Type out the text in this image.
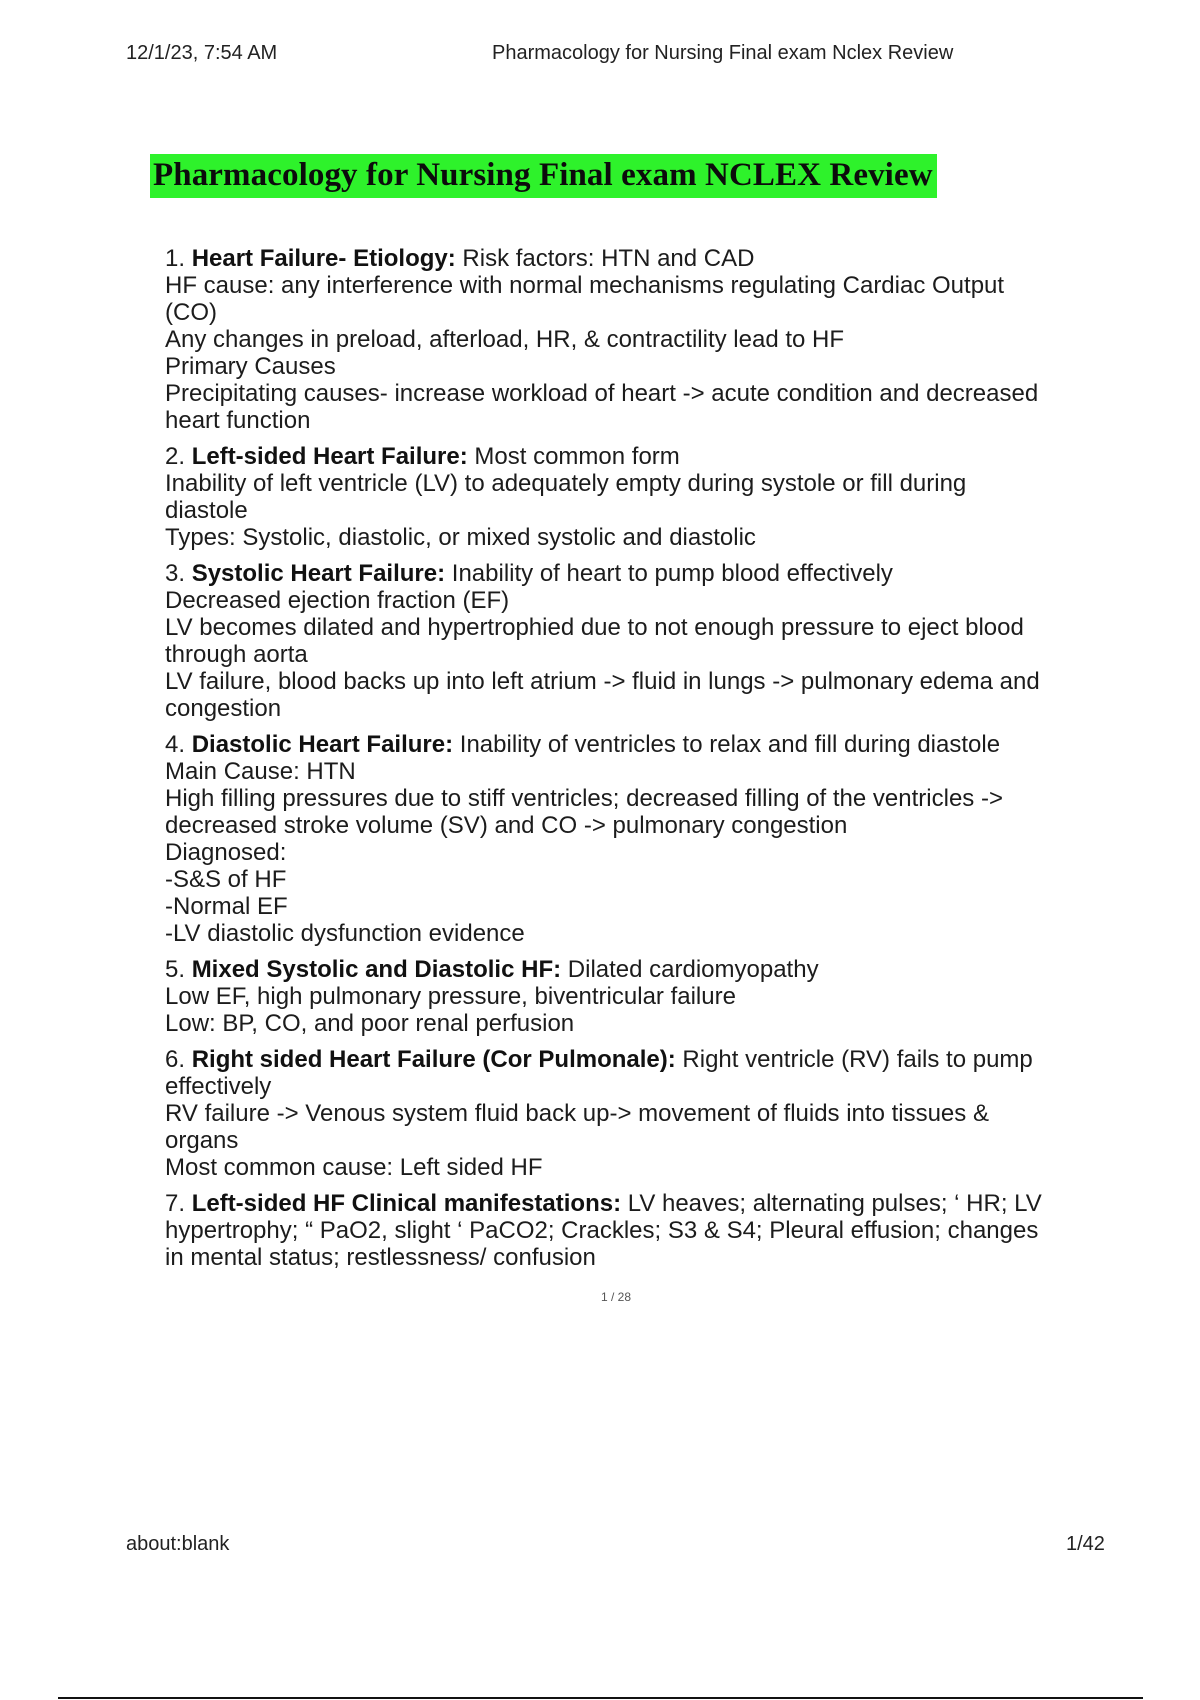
12/1/23, 7:54 AM	Pharmacology for Nursing Final exam Nclex Review
Pharmacology for Nursing Final exam NCLEX Review
1. Heart Failure- Etiology: Risk factors: HTN and CAD
HF cause: any interference with normal mechanisms regulating Cardiac Output
(CO)
Any changes in preload, afterload, HR, & contractility lead to HF
Primary Causes
Precipitating causes- increase workload of heart -> acute condition and decreased
heart function
2. Left-sided Heart Failure: Most common form
Inability of left ventricle (LV) to adequately empty during systole or fill during
diastole
Types: Systolic, diastolic, or mixed systolic and diastolic
3. Systolic Heart Failure: Inability of heart to pump blood effectively
Decreased ejection fraction (EF)
LV becomes dilated and hypertrophied due to not enough pressure to eject blood
through aorta
LV failure, blood backs up into left atrium -> fluid in lungs -> pulmonary edema and
congestion
4. Diastolic Heart Failure: Inability of ventricles to relax and fill during diastole
Main Cause: HTN
High filling pressures due to stiff ventricles; decreased filling of the ventricles ->
decreased stroke volume (SV) and CO -> pulmonary congestion
Diagnosed:
-S&S of HF
-Normal EF
-LV diastolic dysfunction evidence
5. Mixed Systolic and Diastolic HF: Dilated cardiomyopathy
Low EF, high pulmonary pressure, biventricular failure
Low: BP, CO, and poor renal perfusion
6. Right sided Heart Failure (Cor Pulmonale): Right ventricle (RV) fails to pump
effectively
RV failure -> Venous system fluid back up-> movement of fluids into tissues &
organs
Most common cause: Left sided HF
7. Left-sided HF Clinical manifestations: LV heaves; alternating pulses; ‘ HR; LV
hypertrophy; “ PaO2, slight ‘ PaCO2; Crackles; S3 & S4; Pleural effusion; changes
in mental status; restlessness/ confusion
1 / 28
about:blank	1/42
